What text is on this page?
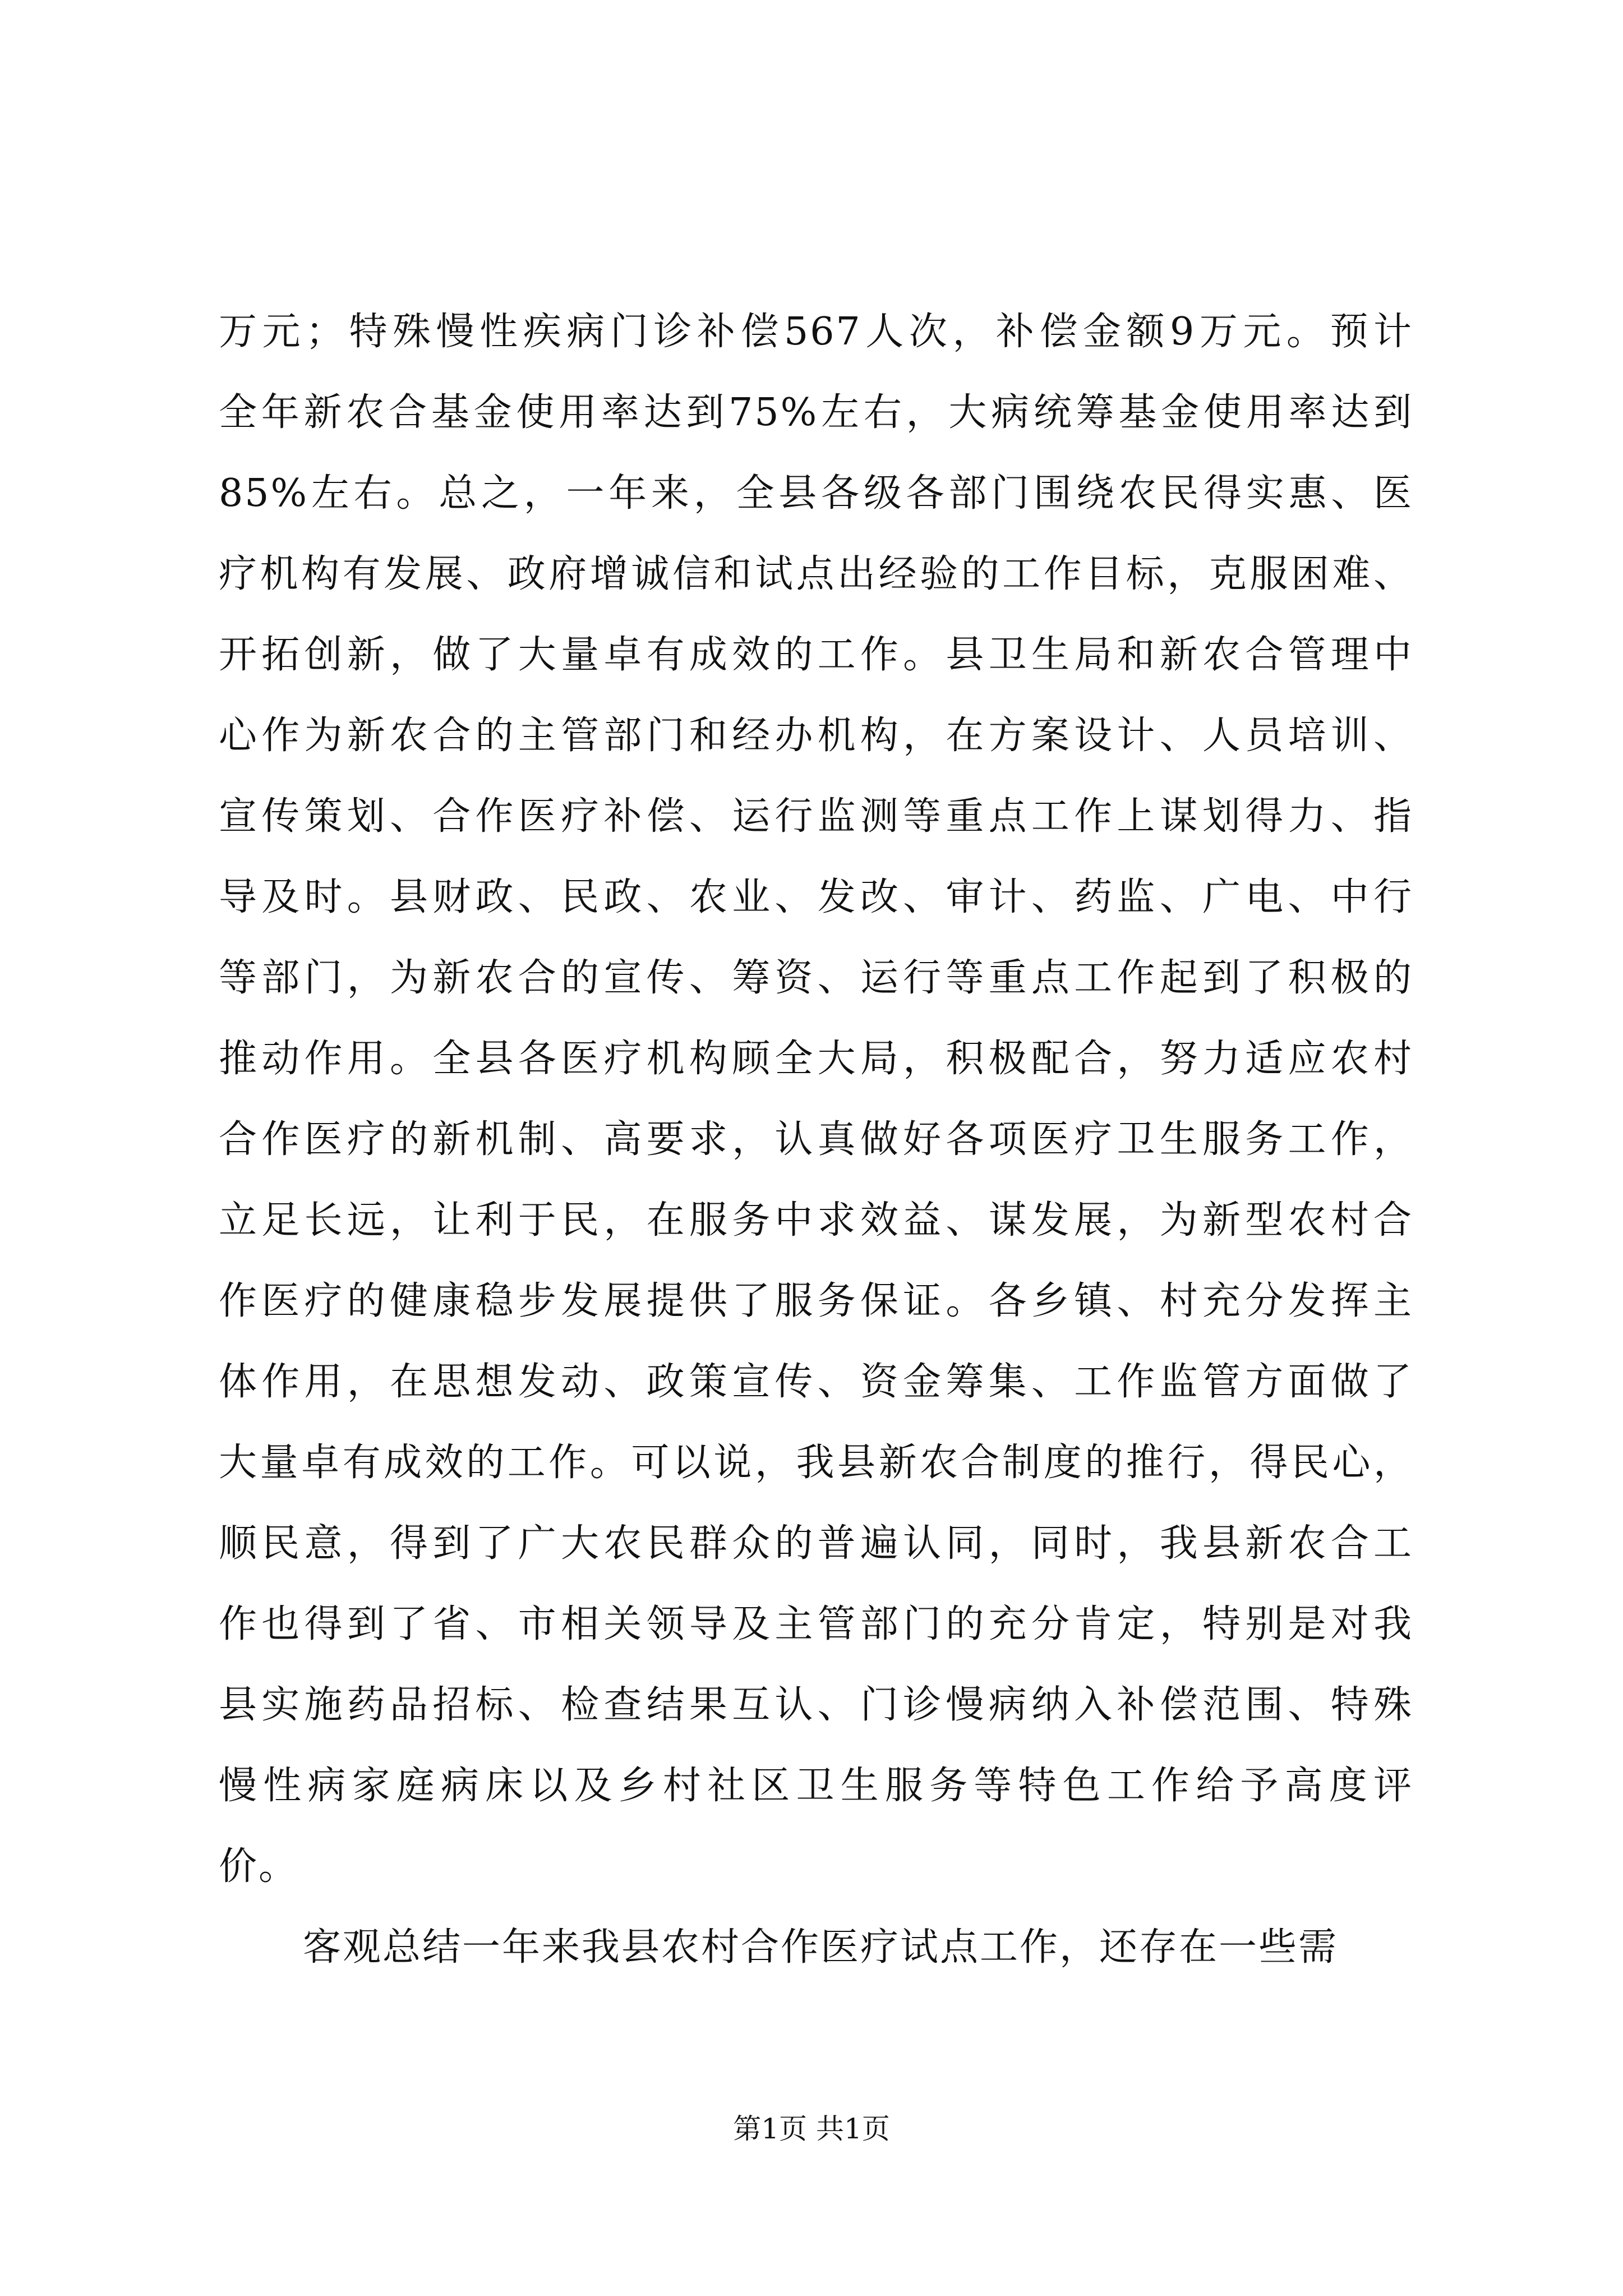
万元；特殊慢性疾病门诊补偿567人次，补偿金额9万元。预计
全年新农合基金使用率达到75%左右，大病统筹基金使用率达到
85%左右。总之，一年来，全县各级各部门围绕农民得实惠、医
疗机构有发展、政府增诚信和试点出经验的工作目标，克服困难、
开拓创新，做了大量卓有成效的工作。县卫生局和新农合管理中
心作为新农合的主管部门和经办机构，在方案设计、人员培训、
宣传策划、合作医疗补偿、运行监测等重点工作上谋划得力、指
导及时。县财政、民政、农业、发改、审计、药监、广电、中行
等部门，为新农合的宣传、筹资、运行等重点工作起到了积极的
推动作用。全县各医疗机构顾全大局，积极配合，努力适应农村
合作医疗的新机制、高要求，认真做好各项医疗卫生服务工作，
立足长远，让利于民，在服务中求效益、谋发展，为新型农村合
作医疗的健康稳步发展提供了服务保证。各乡镇、村充分发挥主
体作用，在思想发动、政策宣传、资金筹集、工作监管方面做了
大量卓有成效的工作。可以说，我县新农合制度的推行，得民心，
顺民意，得到了广大农民群众的普遍认同，同时，我县新农合工
作也得到了省、市相关领导及主管部门的充分肯定，特别是对我
县实施药品招标、检查结果互认、门诊慢病纳入补偿范围、特殊
慢性病家庭病床以及乡村社区卫生服务等特色工作给予高度评
价。
客观总结一年来我县农村合作医疗试点工作，还存在一些需
第1页 共1页
